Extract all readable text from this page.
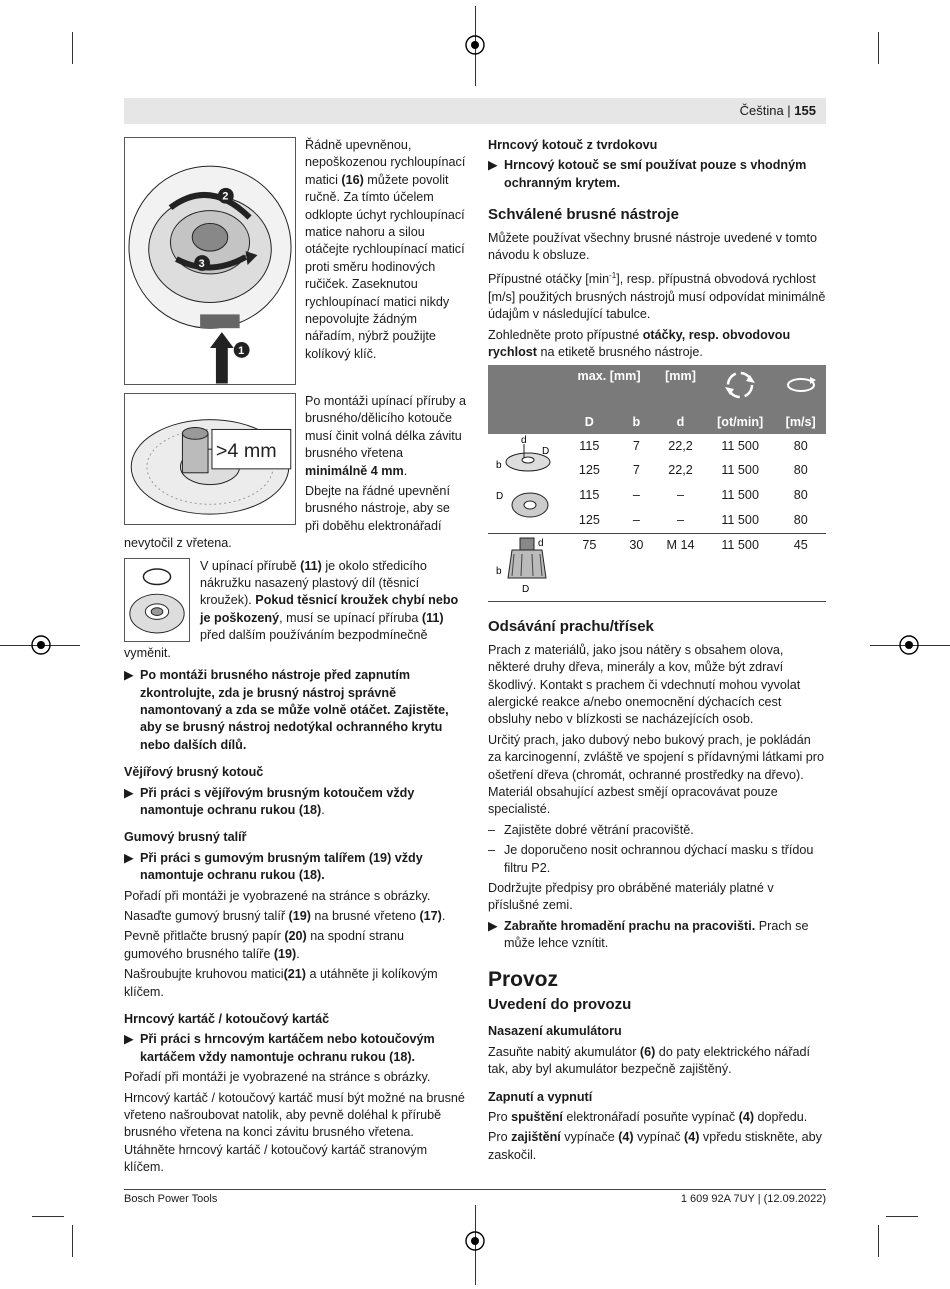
Čeština | 155
2
3
1

Řádně upevněnou, nepoškozenou rychloupínací matici (16) můžete povolit ručně. Za tímto účelem odklopte úchyt rychloupínací matice nahoru a silou otáčejte rychloupínací maticí proti směru hodinových ručiček. Zaseknutou rychloupínací matici nikdy nepovolujte žádným nářadím, nýbrž použijte kolíkový klíč.

>4 mm

Po montáži upínací příruby a brusného/dělicího kotouče musí činit volná délka závitu brusného vřetena minimálně 4 mm.

Dbejte na řádné upevnění brusného nástroje, aby se při doběhu elektronářadí nevytočil z vřetena.

V upínací přírubě (11) je okolo středicího nákružku nasazený plastový díl (těsnicí kroužek). Pokud těsnicí kroužek chybí nebo je poškozený, musí se upínací příruba (11) před dalším používáním bezpodmínečně vyměnit.

▶ Po montáži brusného nástroje před zapnutím zkontrolujte, zda je brusný nástroj správně namontovaný a zda se může volně otáčet. Zajistěte, aby se brusný nástroj nedotýkal ochranného krytu nebo dalších dílů.
Vějířový brusný kotouč
▶ Při práci s vějířovým brusným kotoučem vždy namontuje ochranu rukou (18).
Gumový brusný talíř
▶ Při práci s gumovým brusným talířem (19) vždy namontuje ochranu rukou (18).

Pořadí při montáži je vyobrazené na stránce s obrázky.

Nasaďte gumový brusný talíř (19) na brusné vřeteno (17).

Pevně přitlačte brusný papír (20) na spodní stranu gumového brusného talíře (19).

Našroubujte kruhovou matici(21) a utáhněte ji kolíkovým klíčem.

Hrncový kartáč / kotoučový kartáč
▶ Při práci s hrncovým kartáčem nebo kotoučovým kartáčem vždy namontuje ochranu rukou (18).

Pořadí při montáži je vyobrazené na stránce s obrázky.

Hrncový kartáč / kotoučový kartáč musí být možné na brusné vřeteno našroubovat natolik, aby pevně doléhal k přírubě brusného vřetena na konci závitu brusného vřetena. Utáhněte hrncový kartáč / kotoučový kartáč stranovým klíčem.

Hrncový kotouč z tvrdokovu
▶ Hrncový kotouč se smí používat pouze s vhodným ochranným krytem.
Schválené brusné nástroje

Můžete používat všechny brusné nástroje uvedené v tomto návodu k obsluze.

Přípustné otáčky $[\min^{-1}]$, resp. přípustná obvodová rychlost [m/s] použitých brusných nástrojů musí odpovídat minimálně údajům v následující tabulce.

Zohledněte proto přípustné otáčky, resp. obvodovou rychlost na etiketě brusného nástroje.

	max. [mm]		[mm]		
	D	b	d	[ot/min]	[m/s]

d
D
b	115	7	22,2	11 500	80
	125	7	22,2	11 500	80

D	115	–	–	11 500	80
	125	–	–	11 500	80

d
b
D	75	30	M 14	11 500	45
Odsávání prachu/třísek

Prach z materiálů, jako jsou nátěry s obsahem olova, některé druhy dřeva, minerály a kov, může být zdraví škodlivý. Kontakt s prachem či vdechnutí mohou vyvolat alergické reakce a/nebo onemocnění dýchacích cest obsluhy nebo v blízkosti se nacházejících osob.

Určitý prach, jako dubový nebo bukový prach, je pokládán za karcinogenní, zvláště ve spojení s přídavnými látkami pro ošetření dřeva (chromát, ochranné prostředky na dřevo). Materiál obsahující azbest smějí opracovávat pouze specialisté.

– Zajistěte dobré větrání pracoviště.
– Je doporučeno nosit ochrannou dýchací masku s třídou filtru P2.

Dodržujte předpisy pro obráběné materiály platné v příslušné zemi.

▶ Zabraňte hromadění prachu na pracovišti. Prach se může lehce vznítit.
Provoz
Uvedení do provozu
Nasazení akumulátoru

Zasuňte nabitý akumulátor (6) do paty elektrického nářadí tak, aby byl akumulátor bezpečně zajištěný.

Zapnutí a vypnutí

Pro spuštění elektronářadí posuňte vypínač (4) dopředu.

Pro zajištění vypínače (4) vypínač (4) vpředu stiskněte, aby zaskočil.

Bosch Power Tools	1 609 92A 7UY | (12.09.2022)
